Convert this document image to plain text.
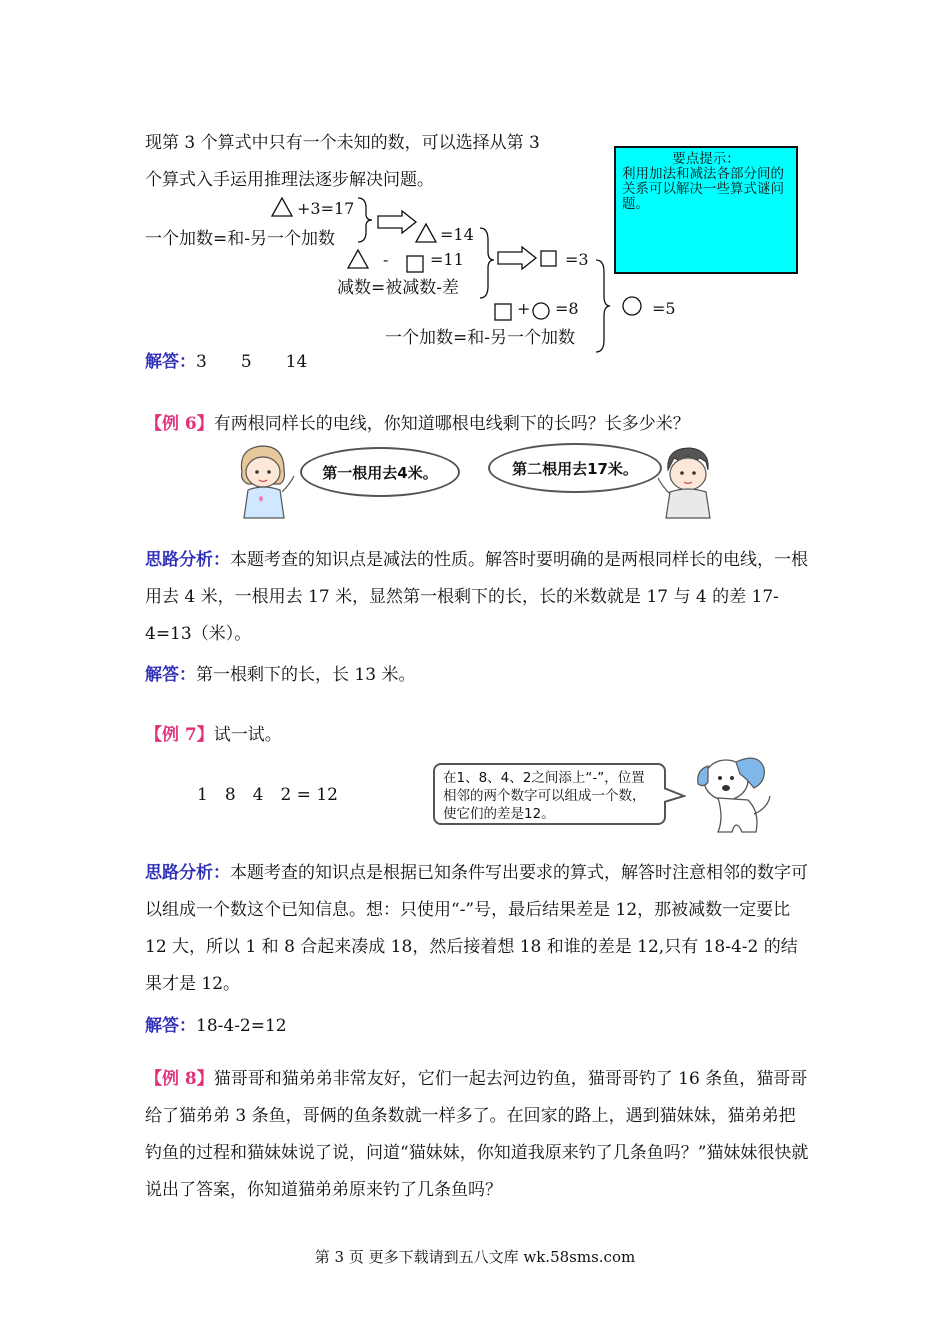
现第 3 个算式中只有一个未知的数，可以选择从第 3
个算式入手运用推理法逐步解决问题。
要点提示：
利用加法和减法各部分间的关系可以解决一些算式谜问题。
+3=17
一个加数=和-另一个加数	=14
-	=11
减数=被减数-差
=3
+ =8
一个加数=和-另一个加数
=5
解答：3　　5　　14
【例 6】有两根同样长的电线，你知道哪根电线剩下的长吗？长多少米？
第一根用去4米。	第二根用去17米。
思路分析：本题考查的知识点是减法的性质。解答时要明确的是两根同样长的电线，一根用去 4 米，一根用去 17 米，显然第一根剩下的长，长的米数就是 17 与 4 的差 17-4=13（米）。
解答：第一根剩下的长，长 13 米。
【例 7】试一试。
1　8　4　2 = 12
在1、8、4、2之间添上“-”，位置相邻的两个数字可以组成一个数，使它们的差是12。
思路分析：本题考查的知识点是根据已知条件写出要求的算式，解答时注意相邻的数字可以组成一个数这个已知信息。想：只使用“-”号，最后结果差是 12，那被减数一定要比 12 大，所以 1 和 8 合起来凑成 18，然后接着想 18 和谁的差是 12,只有 18-4-2 的结果才是 12。
解答：18-4-2=12
【例 8】猫哥哥和猫弟弟非常友好，它们一起去河边钓鱼，猫哥哥钓了 16 条鱼，猫哥哥给了猫弟弟 3 条鱼，哥俩的鱼条数就一样多了。在回家的路上，遇到猫妹妹，猫弟弟把钓鱼的过程和猫妹妹说了说，问道“猫妹妹，你知道我原来钓了几条鱼吗？”猫妹妹很快就说出了答案，你知道猫弟弟原来钓了几条鱼吗？
第 3 页 更多下载请到五八文库 wk.58sms.com
